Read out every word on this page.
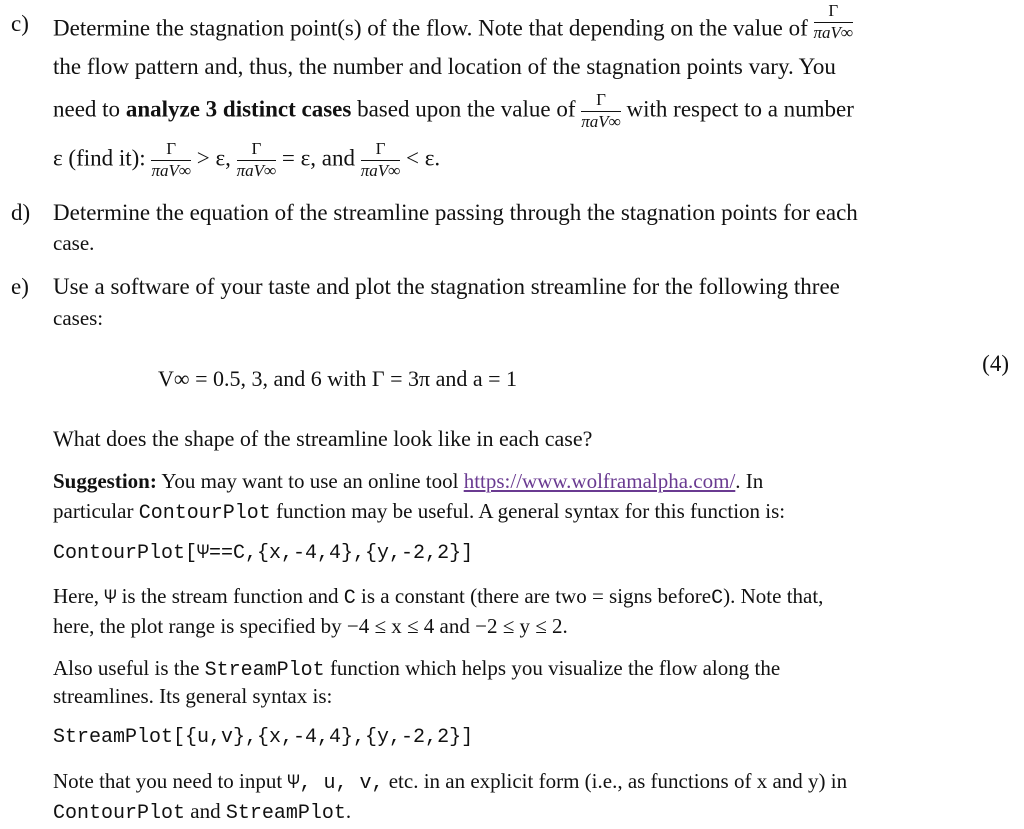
c) Determine the stagnation point(s) of the flow. Note that depending on the value of $\frac{\Gamma}{\text{πaV∞}}$
the flow pattern and, thus, the number and location of the stagnation points vary. You
need to analyze 3 distinct cases based upon the value of $\frac{\Gamma}{\text{πaV∞}}$ with respect to a number
ε (find it): $\frac{\Gamma}{\text{πaV∞}} > \varepsilon$, $\frac{\Gamma}{\text{πaV∞}} = \varepsilon$, and $\frac{\Gamma}{\text{πaV∞}} < \varepsilon$.
d) Determine the equation of the streamline passing through the stagnation points for each
case.
e) Use a software of your taste and plot the stagnation streamline for the following three
cases:
V∞ = 0.5, 3, and 6 with Γ = 3π and a = 1
(4)
What does the shape of the streamline look like in each case?
Suggestion: You may want to use an online tool https://www.wolframalpha.com/. In
particular ContourPlot function may be useful. A general syntax for this function is:
ContourPlot[Ψ==C,{x,-4,4},{y,-2,2}]
Here, Ψ is the stream function and C is a constant (there are two = signs beforeC). Note that,
here, the plot range is specified by −4 ≤ x ≤ 4 and −2 ≤ y ≤ 2.
Also useful is the StreamPlot function which helps you visualize the flow along the
streamlines. Its general syntax is:
StreamPlot[{u,v},{x,-4,4},{y,-2,2}]
Note that you need to input Ψ, u, v, etc. in an explicit form (i.e., as functions of x and y) in
ContourPlot and StreamPlot.
